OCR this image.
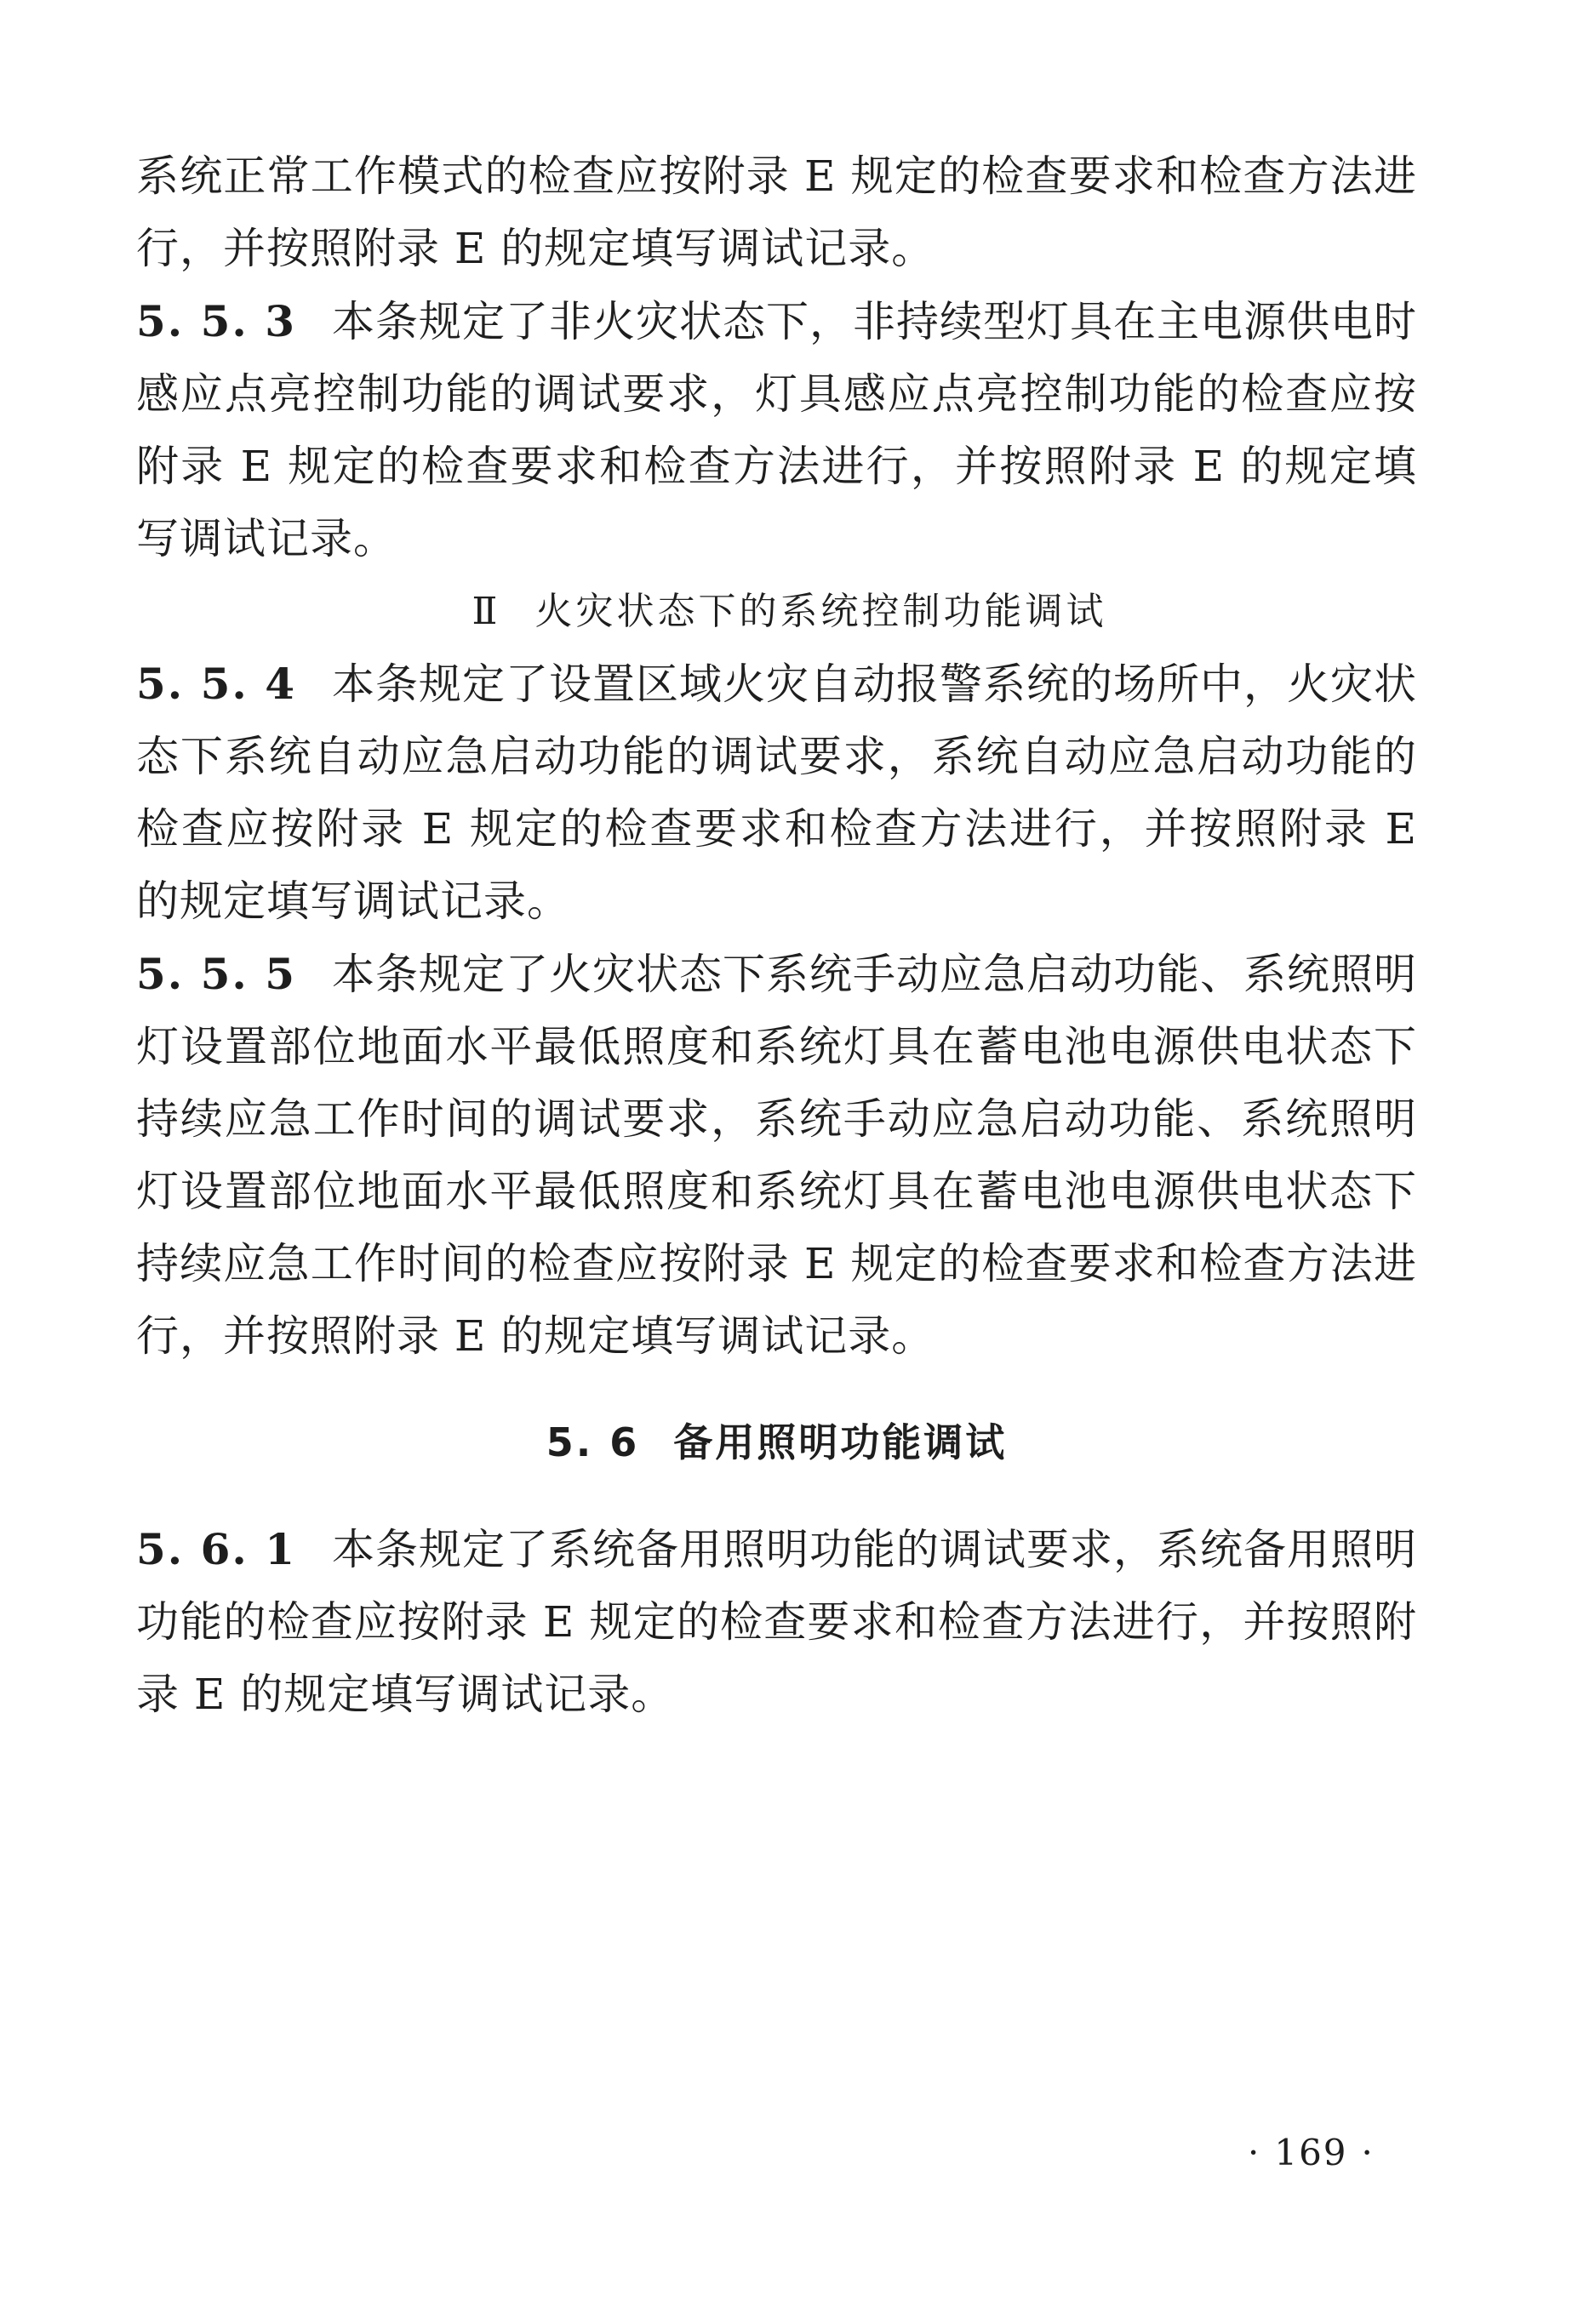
系统正常工作模式的检查应按附录 E 规定的检查要求和检查方法进行，并按照附录 E 的规定填写调试记录。

5. 5. 3 本条规定了非火灾状态下，非持续型灯具在主电源供电时感应点亮控制功能的调试要求，灯具感应点亮控制功能的检查应按附录 E 规定的检查要求和检查方法进行，并按照附录 E 的规定填写调试记录。

Ⅱ 火灾状态下的系统控制功能调试

5. 5. 4 本条规定了设置区域火灾自动报警系统的场所中，火灾状态下系统自动应急启动功能的调试要求，系统自动应急启动功能的检查应按附录 E 规定的检查要求和检查方法进行，并按照附录 E 的规定填写调试记录。

5. 5. 5 本条规定了火灾状态下系统手动应急启动功能、系统照明灯设置部位地面水平最低照度和系统灯具在蓄电池电源供电状态下持续应急工作时间的调试要求，系统手动应急启动功能、系统照明灯设置部位地面水平最低照度和系统灯具在蓄电池电源供电状态下持续应急工作时间的检查应按附录 E 规定的检查要求和检查方法进行，并按照附录 E 的规定填写调试记录。

5. 6 备用照明功能调试

5. 6. 1 本条规定了系统备用照明功能的调试要求，系统备用照明功能的检查应按附录 E 规定的检查要求和检查方法进行，并按照附录 E 的规定填写调试记录。

· 169 ·
